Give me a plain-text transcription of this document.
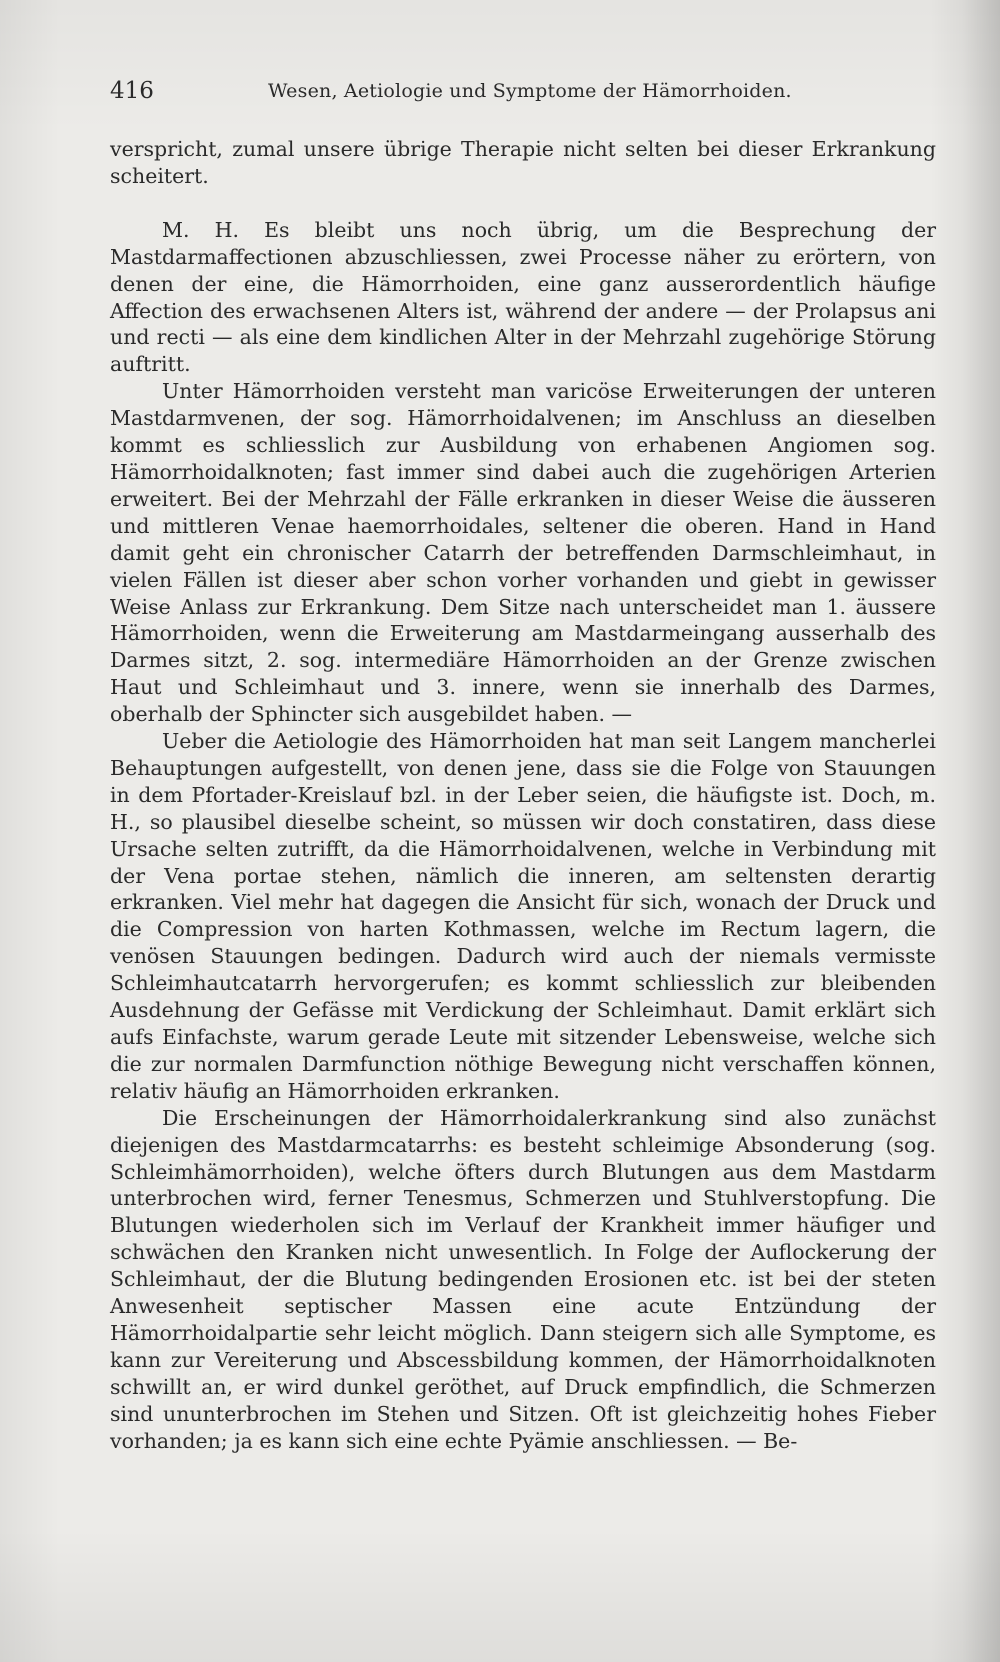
416	Wesen, Aetiologie und Symptome der Hämorrhoiden.

verspricht, zumal unsere übrige Therapie nicht selten bei dieser Erkrankung scheitert.

M. H. Es bleibt uns noch übrig, um die Besprechung der Mastdarmaffectionen abzuschliessen, zwei Processe näher zu erörtern, von denen der eine, die Hämorrhoiden, eine ganz ausserordentlich häufige Affection des erwachsenen Alters ist, während der andere — der Prolapsus ani und recti — als eine dem kindlichen Alter in der Mehrzahl zugehörige Störung auftritt.

Unter Hämorrhoiden versteht man varicöse Erweiterungen der unteren Mastdarmvenen, der sog. Hämorrhoidalvenen; im Anschluss an dieselben kommt es schliesslich zur Ausbildung von erhabenen Angiomen sog. Hämorrhoidalknoten; fast immer sind dabei auch die zugehörigen Arterien erweitert. Bei der Mehrzahl der Fälle erkranken in dieser Weise die äusseren und mittleren Venae haemorrhoidales, seltener die oberen. Hand in Hand damit geht ein chronischer Catarrh der betreffenden Darmschleimhaut, in vielen Fällen ist dieser aber schon vorher vorhanden und giebt in gewisser Weise Anlass zur Erkrankung. Dem Sitze nach unterscheidet man 1. äussere Hämorrhoiden, wenn die Erweiterung am Mastdarmeingang ausserhalb des Darmes sitzt, 2. sog. intermediäre Hämorrhoiden an der Grenze zwischen Haut und Schleimhaut und 3. innere, wenn sie innerhalb des Darmes, oberhalb der Sphincter sich ausgebildet haben. —

Ueber die Aetiologie des Hämorrhoiden hat man seit Langem mancherlei Behauptungen aufgestellt, von denen jene, dass sie die Folge von Stauungen in dem Pfortader-Kreislauf bzl. in der Leber seien, die häufigste ist. Doch, m. H., so plausibel dieselbe scheint, so müssen wir doch constatiren, dass diese Ursache selten zutrifft, da die Hämorrhoidalvenen, welche in Verbindung mit der Vena portae stehen, nämlich die inneren, am seltensten derartig erkranken. Viel mehr hat dagegen die Ansicht für sich, wonach der Druck und die Compression von harten Kothmassen, welche im Rectum lagern, die venösen Stauungen bedingen. Dadurch wird auch der niemals vermisste Schleimhautcatarrh hervorgerufen; es kommt schliesslich zur bleibenden Ausdehnung der Gefässe mit Verdickung der Schleimhaut. Damit erklärt sich aufs Einfachste, warum gerade Leute mit sitzender Lebensweise, welche sich die zur normalen Darmfunction nöthige Bewegung nicht verschaffen können, relativ häufig an Hämorrhoiden erkranken.

Die Erscheinungen der Hämorrhoidalerkrankung sind also zunächst diejenigen des Mastdarmcatarrhs: es besteht schleimige Absonderung (sog. Schleimhämorrhoiden), welche öfters durch Blutungen aus dem Mastdarm unterbrochen wird, ferner Tenesmus, Schmerzen und Stuhlverstopfung. Die Blutungen wiederholen sich im Verlauf der Krankheit immer häufiger und schwächen den Kranken nicht unwesentlich. In Folge der Auflockerung der Schleimhaut, der die Blutung bedingenden Erosionen etc. ist bei der steten Anwesenheit septischer Massen eine acute Entzündung der Hämorrhoidalpartie sehr leicht möglich. Dann steigern sich alle Symptome, es kann zur Vereiterung und Abscessbildung kommen, der Hämorrhoidalknoten schwillt an, er wird dunkel geröthet, auf Druck empfindlich, die Schmerzen sind ununterbrochen im Stehen und Sitzen. Oft ist gleichzeitig hohes Fieber vorhanden; ja es kann sich eine echte Pyämie anschliessen. — Be-
